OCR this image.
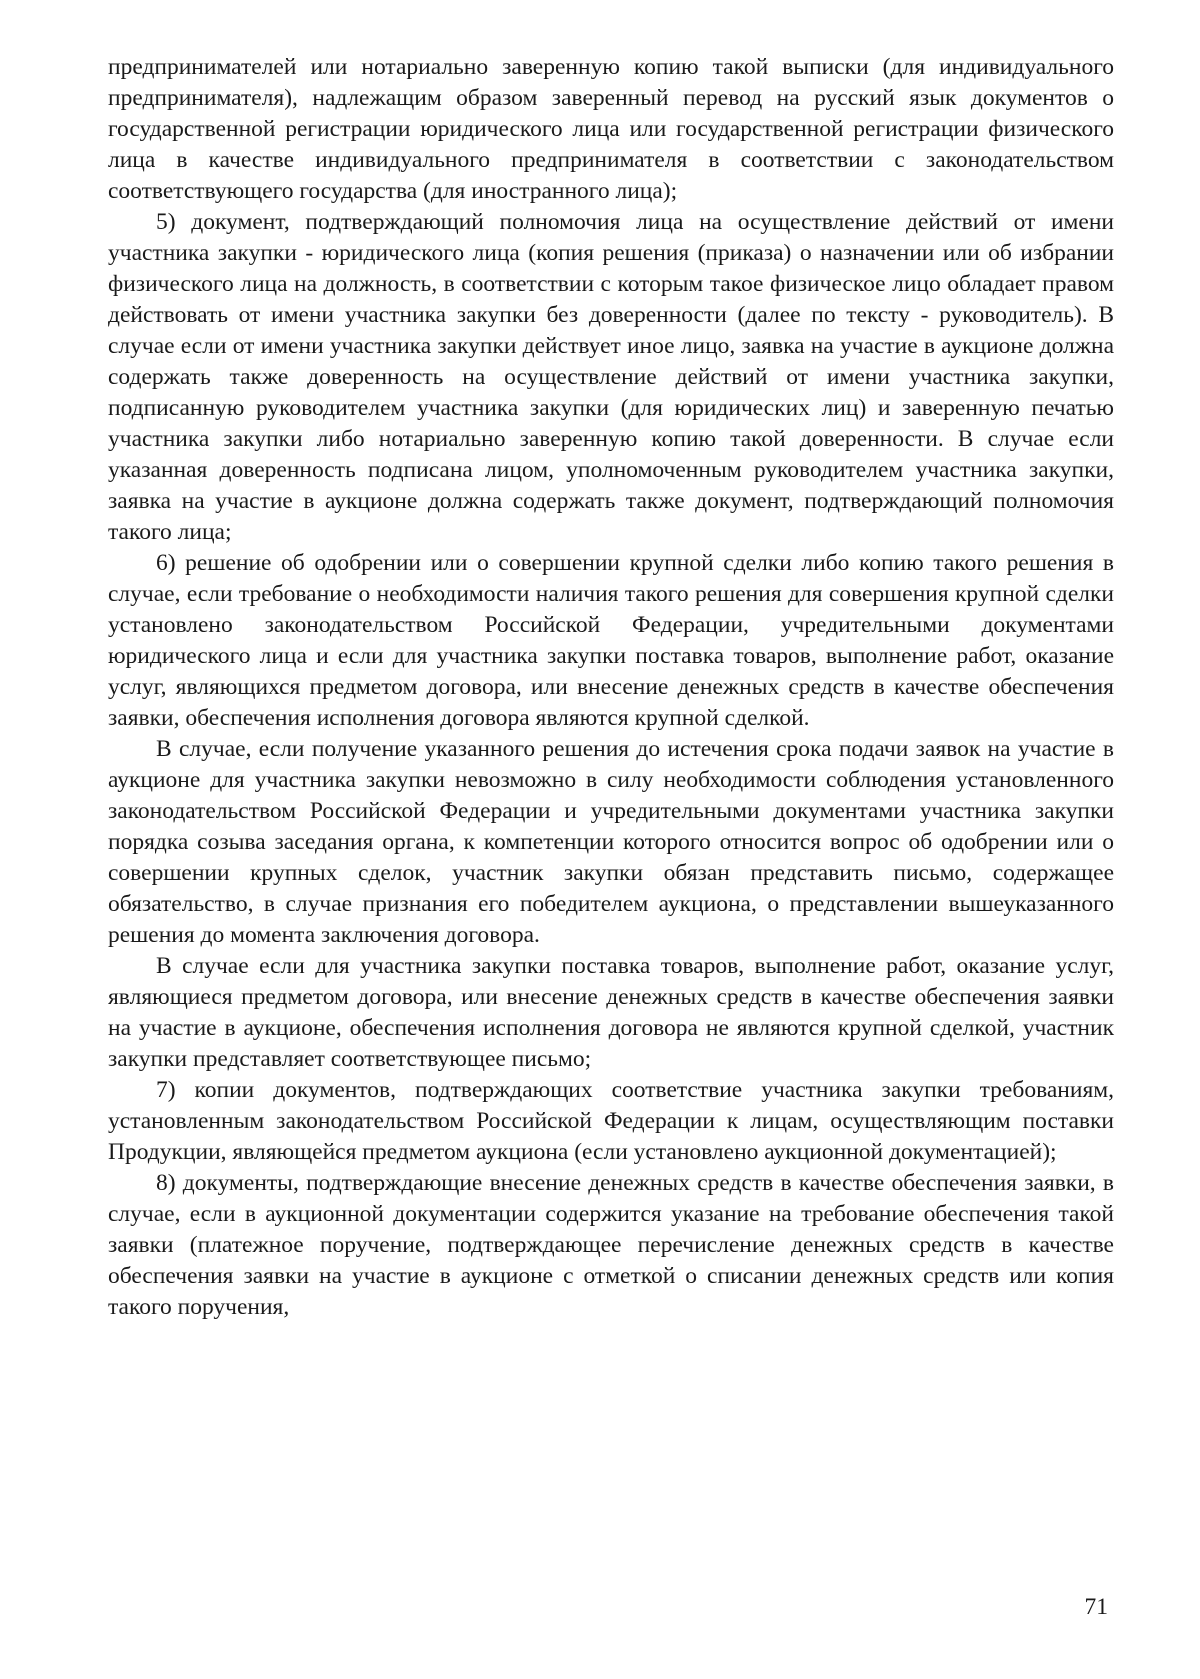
предпринимателей или нотариально заверенную копию такой выписки (для индивидуального предпринимателя), надлежащим образом заверенный перевод на русский язык документов о государственной регистрации юридического лица или государственной регистрации физического лица в качестве индивидуального предпринимателя в соответствии с законодательством соответствующего государства (для иностранного лица);

5) документ, подтверждающий полномочия лица на осуществление действий от имени участника закупки - юридического лица (копия решения (приказа) о назначении или об избрании физического лица на должность, в соответствии с которым такое физическое лицо обладает правом действовать от имени участника закупки без доверенности (далее по тексту - руководитель). В случае если от имени участника закупки действует иное лицо, заявка на участие в аукционе должна содержать также доверенность на осуществление действий от имени участника закупки, подписанную руководителем участника закупки (для юридических лиц) и заверенную печатью участника закупки либо нотариально заверенную копию такой доверенности. В случае если указанная доверенность подписана лицом, уполномоченным руководителем участника закупки, заявка на участие в аукционе должна содержать также документ, подтверждающий полномочия такого лица;

6) решение об одобрении или о совершении крупной сделки либо копию такого решения в случае, если требование о необходимости наличия такого решения для совершения крупной сделки установлено законодательством Российской Федерации, учредительными документами юридического лица и если для участника закупки поставка товаров, выполнение работ, оказание услуг, являющихся предметом договора, или внесение денежных средств в качестве обеспечения заявки, обеспечения исполнения договора являются крупной сделкой.

В случае, если получение указанного решения до истечения срока подачи заявок на участие в аукционе для участника закупки невозможно в силу необходимости соблюдения установленного законодательством Российской Федерации и учредительными документами участника закупки порядка созыва заседания органа, к компетенции которого относится вопрос об одобрении или о совершении крупных сделок, участник закупки обязан представить письмо, содержащее обязательство, в случае признания его победителем аукциона, о представлении вышеуказанного решения до момента заключения договора.

В случае если для участника закупки поставка товаров, выполнение работ, оказание услуг, являющиеся предметом договора, или внесение денежных средств в качестве обеспечения заявки на участие в аукционе, обеспечения исполнения договора не являются крупной сделкой, участник закупки представляет соответствующее письмо;

7) копии документов, подтверждающих соответствие участника закупки требованиям, установленным законодательством Российской Федерации к лицам, осуществляющим поставки Продукции, являющейся предметом аукциона (если установлено аукционной документацией);

8) документы, подтверждающие внесение денежных средств в качестве обеспечения заявки, в случае, если в аукционной документации содержится указание на требование обеспечения такой заявки (платежное поручение, подтверждающее перечисление денежных средств в качестве обеспечения заявки на участие в аукционе с отметкой о списании денежных средств или копия такого поручения,

71
